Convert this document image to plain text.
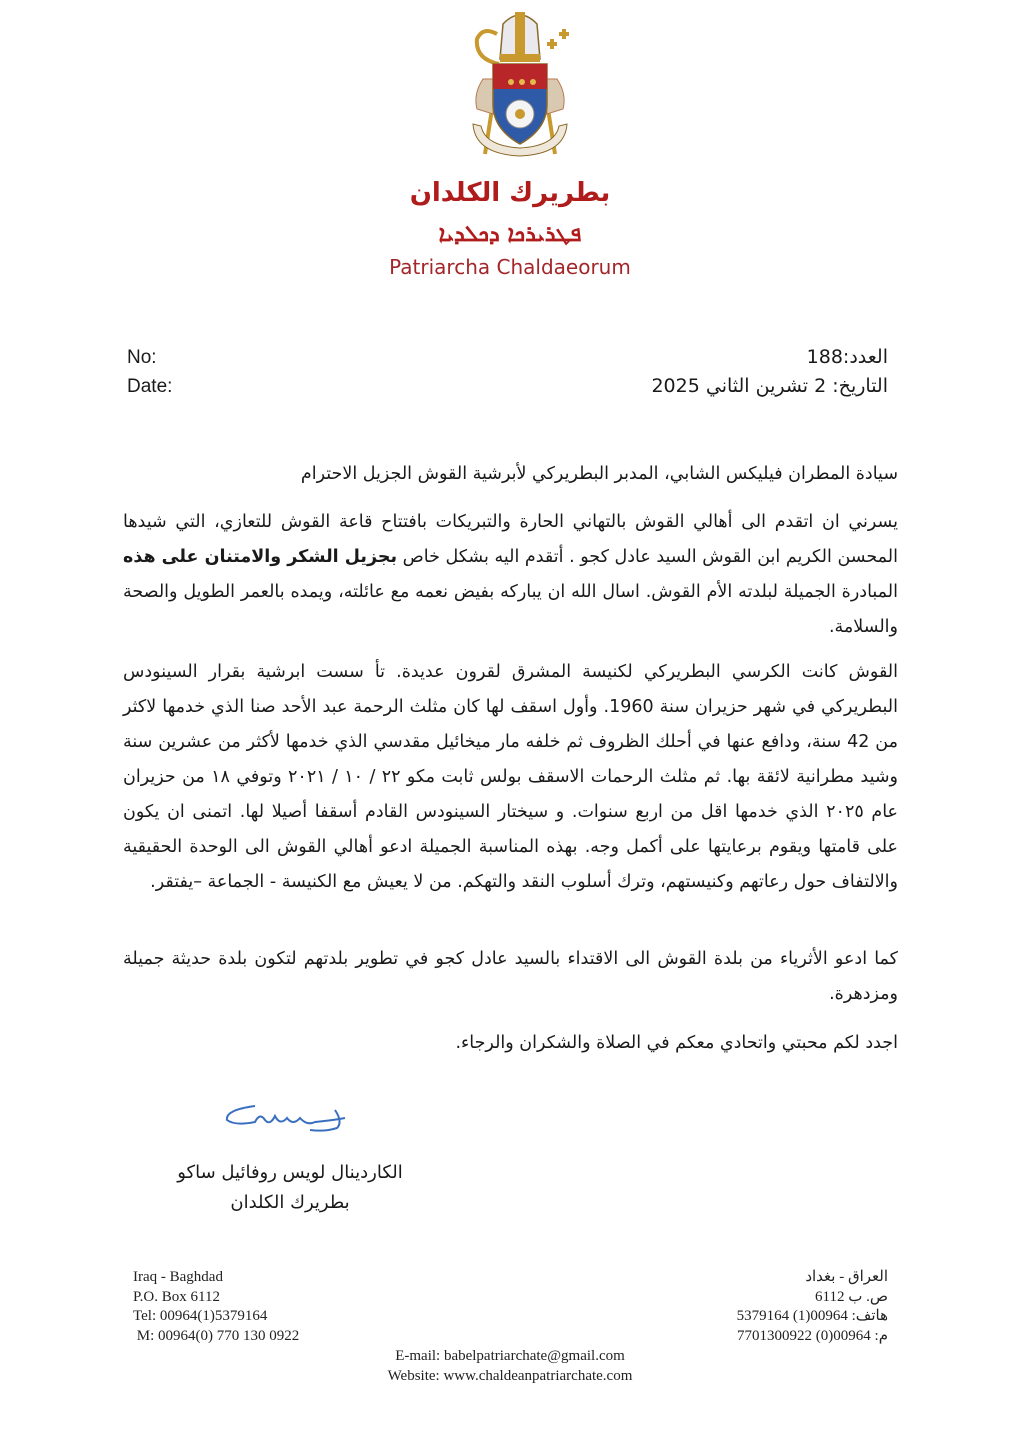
بطريرك الكلدان
ܦܛܪܝܪܟܐ ܕܟܠܕܝܐ
Patriarcha Chaldaeorum
No:
Date:
العدد:188
التاريخ: 2 تشرين الثاني 2025
سيادة المطران فيليكس الشابي، المدبر البطريركي لأبرشية القوش الجزيل الاحترام
يسرني ان اتقدم الى أهالي القوش بالتهاني الحارة والتبريكات بافتتاح قاعة القوش للتعازي، التي شيدها المحسن الكريم ابن القوش السيد عادل كجو . أتقدم اليه بشكل خاص بجزيل الشكر والامتنان على هذه المبادرة الجميلة لبلدته الأم القوش. اسال الله ان يباركه بفيض نعمه مع عائلته، ويمده بالعمر الطويل والصحة والسلامة.
القوش كانت الكرسي البطريركي لكنيسة المشرق لقرون عديدة. تأ سست ابرشية بقرار السينودس البطريركي في شهر حزيران سنة 1960. وأول اسقف لها كان مثلث الرحمة عبد الأحد صنا الذي خدمها لاكثر من 42 سنة، ودافع عنها في أحلك الظروف ثم خلفه مار ميخائيل مقدسي الذي خدمها لأكثر من عشرين سنة وشيد مطرانية لائقة بها. ثم مثلث الرحمات الاسقف بولس ثابت مكو ٢٢ / ١٠ / ٢٠٢١ وتوفي ١٨ من حزيران عام ٢٠٢٥ الذي خدمها اقل من اربع سنوات. و سيختار السينودس القادم أسقفا أصيلا لها. اتمنى ان يكون على قامتها ويقوم برعايتها على أكمل وجه. بهذه المناسبة الجميلة ادعو أهالي القوش الى الوحدة الحقيقية والالتفاف حول رعاتهم وكنيستهم، وترك أسلوب النقد والتهكم. من لا يعيش مع الكنيسة - الجماعة –يفتقر.
كما ادعو الأثرياء من بلدة القوش الى الاقتداء بالسيد عادل كجو في تطوير بلدتهم لتكون بلدة حديثة جميلة ومزدهرة.
اجدد لكم محبتي واتحادي معكم في الصلاة والشكران والرجاء.
الكاردينال لويس روفائيل ساكو
بطريرك الكلدان
Iraq - Baghdad
P.O. Box 6112
Tel: 00964(1)5379164
M: 00964(0) 770 130 0922
العراق - بغداد
ص. ب 6112
هاتف: 00964(1) 5379164
م: 00964(0) 7701300922
E-mail: babelpatriarchate@gmail.com
Website: www.chaldeanpatriarchate.com
